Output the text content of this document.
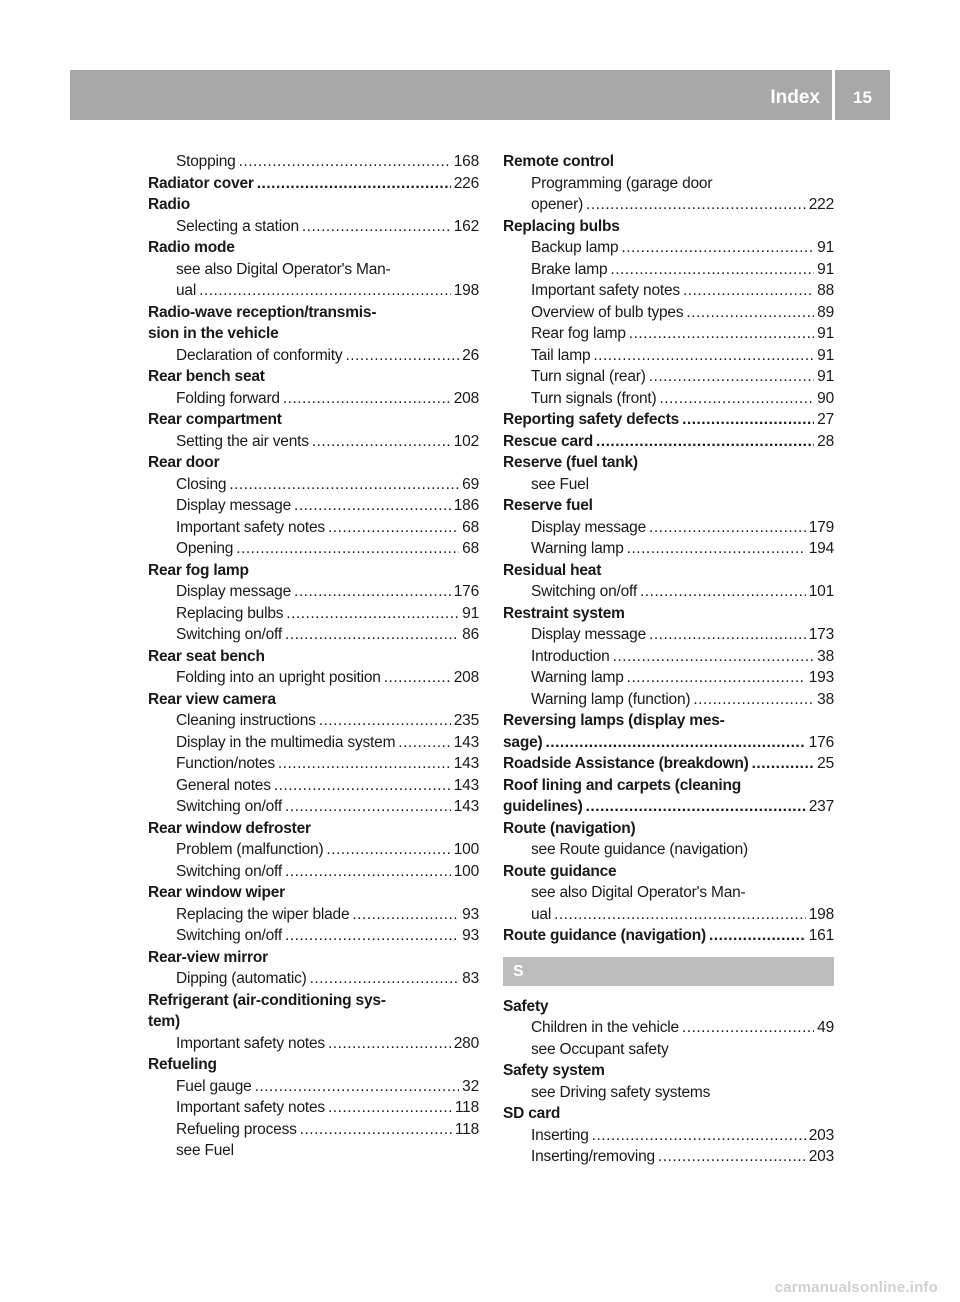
Index	15
Stopping .....	168
Radiator cover .....	226
Radio
Selecting a station .....	162
Radio mode
see also Digital Operator's Man-
ual .....	198
Radio-wave reception/transmis-
sion in the vehicle
Declaration of conformity .....	26
Rear bench seat
Folding forward .....	208
Rear compartment
Setting the air vents .....	102
Rear door
Closing .....	69
Display message .....	186
Important safety notes .....	68
Opening .....	68
Rear fog lamp
Display message .....	176
Replacing bulbs .....	91
Switching on/off .....	86
Rear seat bench
Folding into an upright position .....	208
Rear view camera
Cleaning instructions .....	235
Display in the multimedia system .....	143
Function/notes .....	143
General notes .....	143
Switching on/off .....	143
Rear window defroster
Problem (malfunction) .....	100
Switching on/off .....	100
Rear window wiper
Replacing the wiper blade .....	93
Switching on/off .....	93
Rear-view mirror
Dipping (automatic) .....	83
Refrigerant (air-conditioning sys-
tem)
Important safety notes .....	280
Refueling
Fuel gauge .....	32
Important safety notes .....	118
Refueling process .....	118
see Fuel
Remote control
Programming (garage door
opener) .....	222
Replacing bulbs
Backup lamp .....	91
Brake lamp .....	91
Important safety notes .....	88
Overview of bulb types .....	89
Rear fog lamp .....	91
Tail lamp .....	91
Turn signal (rear) .....	91
Turn signals (front) .....	90
Reporting safety defects .....	27
Rescue card .....	28
Reserve (fuel tank)
see Fuel
Reserve fuel
Display message .....	179
Warning lamp .....	194
Residual heat
Switching on/off .....	101
Restraint system
Display message .....	173
Introduction .....	38
Warning lamp .....	193
Warning lamp (function) .....	38
Reversing lamps (display mes-
sage) .....	176
Roadside Assistance (breakdown) .....	25
Roof lining and carpets (cleaning
guidelines) .....	237
Route (navigation)
see Route guidance (navigation)
Route guidance
see also Digital Operator's Man-
ual .....	198
Route guidance (navigation) .....	161
S
Safety
Children in the vehicle .....	49
see Occupant safety
Safety system
see Driving safety systems
SD card
Inserting .....	203
Inserting/removing .....	203
carmanualsonline.info
